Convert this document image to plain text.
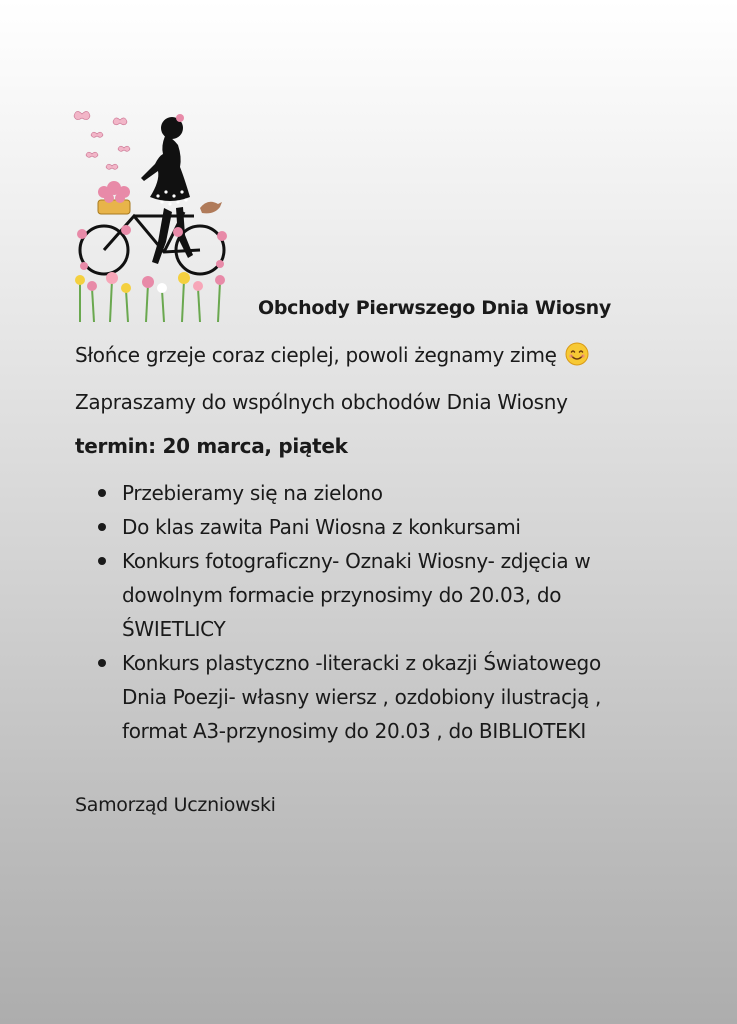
Obchody Pierwszego Dnia Wiosny
Słońce grzeje coraz cieplej, powoli żegnamy zimę
Zapraszamy do wspólnych obchodów Dnia Wiosny
termin: 20 marca, piątek
Przebieramy się na zielono
Do klas zawita Pani Wiosna z konkursami
Konkurs fotograficzny- Oznaki Wiosny- zdjęcia w
dowolnym formacie przynosimy do 20.03, do
ŚWIETLICY
Konkurs plastyczno -literacki z okazji Światowego
Dnia Poezji- własny wiersz , ozdobiony ilustracją ,
format A3-przynosimy do 20.03 , do BIBLIOTEKI
Samorząd Uczniowski
